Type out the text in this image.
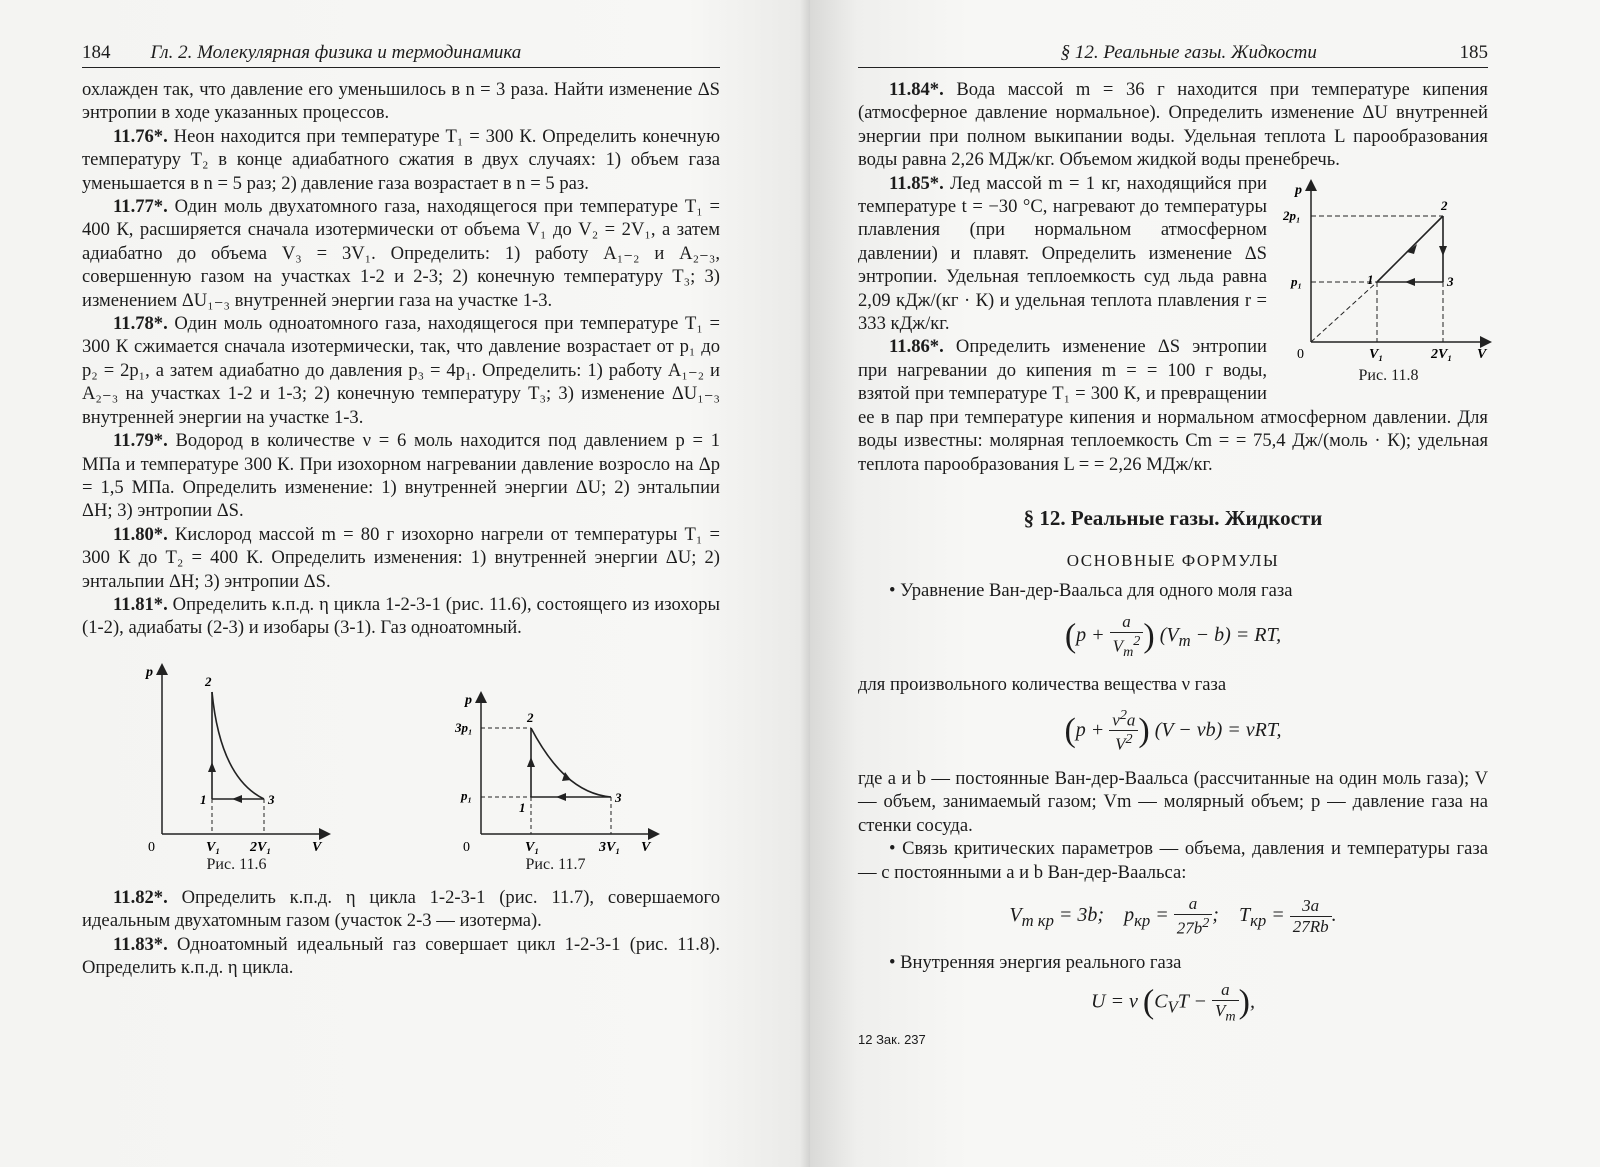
184 Гл. 2. Молекулярная физика и термодинамика

охлажден так, что давление его уменьшилось в n = 3 раза. Найти изменение ΔS энтропии в ходе указанных процессов.

11.76*. Неон находится при температуре T₁ = 300 К. Определить конечную температуру T₂ в конце адиабатного сжатия в двух случаях: 1) объем газа уменьшается в n = 5 раз; 2) давление газа возрастает в n = 5 раз.

11.77*. Один моль двухатомного газа, находящегося при температуре T₁ = 400 К, расширяется сначала изотермически от объема V₁ до V₂ = 2V₁, а затем адиабатно до объема V₃ = 3V₁. Определить: 1) работу A₁₋₂ и A₂₋₃, совершенную газом на участках 1-2 и 2-3; 2) конечную температуру T₃; 3) изменением ΔU₁₋₃ внутренней энергии газа на участке 1-3.

11.78*. Один моль одноатомного газа, находящегося при температуре T₁ = 300 К сжимается сначала изотермически, так, что давление возрастает от p₁ до p₂ = 2p₁, а затем адиабатно до давления p₃ = 4p₁. Определить: 1) работу A₁₋₂ и A₂₋₃ на участках 1-2 и 1-3; 2) конечную температуру T₃; 3) изменение ΔU₁₋₃ внутренней энергии на участке 1-3.

11.79*. Водород в количестве ν = 6 моль находится под давлением p = 1 МПа и температуре 300 К. При изохорном нагревании давление возросло на Δp = 1,5 МПа. Определить изменение: 1) внутренней энергии ΔU; 2) энтальпии ΔH; 3) энтропии ΔS.

11.80*. Кислород массой m = 80 г изохорно нагрели от температуры T₁ = 300 К до T₂ = 400 К. Определить изменения: 1) внутренней энергии ΔU; 2) энтальпии ΔH; 3) энтропии ΔS.

11.81*. Определить к.п.д. η цикла 1-2-3-1 (рис. 11.6), состоящего из изохоры (1-2), адиабаты (2-3) и изобары (3-1). Газ одноатомный.

p
V
0	V₁ 2V₁
2
1	3
Рис. 11.6
p
V
0
3p₁
p₁
V₁	3V₁
2
1
3
Рис. 11.7

11.82*. Определить к.п.д. η цикла 1-2-3-1 (рис. 11.7), совершаемого идеальным двухатомным газом (участок 2-3 — изотерма).

11.83*. Одноатомный идеальный газ совершает цикл 1-2-3-1 (рис. 11.8). Определить к.п.д. η цикла.

§ 12. Реальные газы. Жидкости	185

11.84*. Вода массой m = 36 г находится при температуре кипения (атмосферное давление нормальное). Определить изменение ΔU внутренней энергии при полном выкипании воды. Удельная теплота L парообразования воды равна 2,26 МДж/кг. Объемом жидкой воды пренебречь.

p
V
0
2p₁
p₁
V₁	2V₁
2
1	3
Рис. 11.8

11.85*. Лед массой m = 1 кг, находящийся при температуре t = −30 °С, нагревают до температуры плавления (при нормальном атмосферном давлении) и плавят. Определить изменение ΔS энтропии. Удельная теплоемкость cуд льда равна 2,09 кДж/(кг · К) и удельная теплота плавления r = 333 кДж/кг.

11.86*. Определить изменение ΔS энтропии при нагревании до кипения m = = 100 г воды, взятой при температуре T₁ = 300 К, и превращении ее в пар при температуре кипения и нормальном атмосферном давлении. Для воды известны: молярная теплоемкость Cm = = 75,4 Дж/(моль · К); удельная теплота парообразования L = = 2,26 МДж/кг.

§ 12. Реальные газы. Жидкости
ОСНОВНЫЕ ФОРМУЛЫ

• Уравнение Ван-дер-Ваальса для одного моля газа

($p + \frac{a}{V_m^2}$ ) $(V_m - b)$ = RT,

для произвольного количества вещества ν газа

($p + \frac{\nu^2a}{V^2}$ ) (V − νb) = νRT,

где a и b — постоянные Ван-дер-Ваальса (рассчитанные на один моль газа); V — объем, занимаемый газом; Vm — молярный объем; p — давление газа на стенки сосуда.

• Связь критических параметров — объема, давления и температуры газа — с постоянными a и b Ван-дер-Ваальса:

$V_{m кр} = 3b$;    $p_{кр} = \frac{a}{27b^2}$ ;    $T_{кр} = \frac{3a}{27Rb}$ .

• Внутренняя энергия реального газа

U = ν ($C_VT - \frac{a}{V_m}$ ),
12 Зак. 237
